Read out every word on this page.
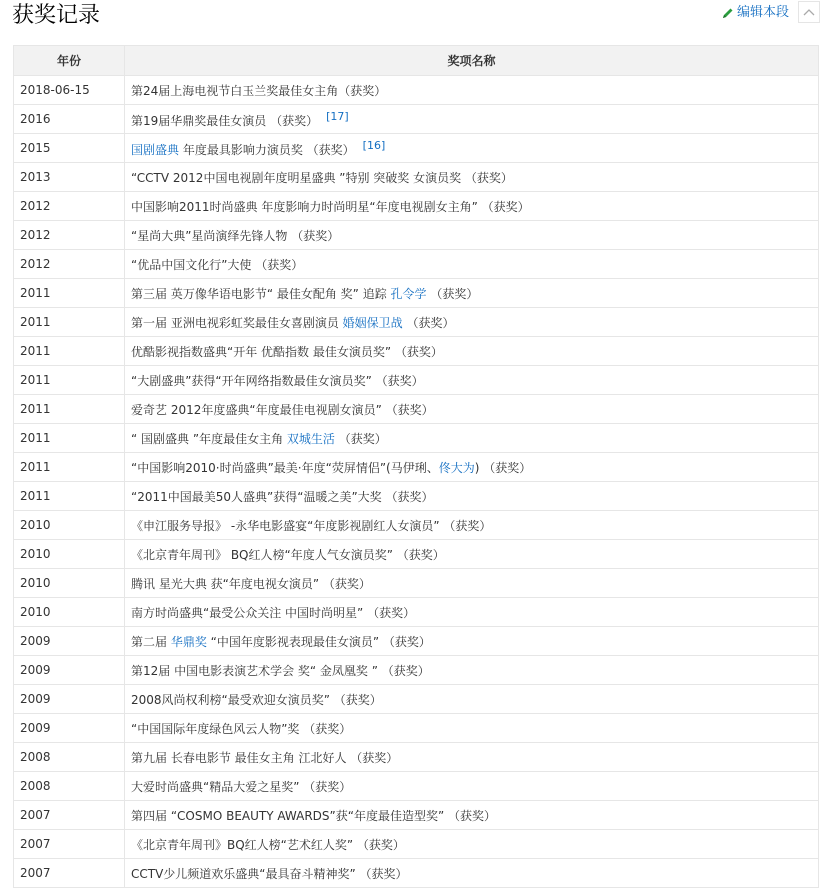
获奖记录	编辑本段
年份	奖项名称
2018-06-15	第24届上海电视节白玉兰奖最佳女主角（获奖）
2016	第19届华鼎奖最佳女演员 （获奖） [17]
2015	国剧盛典 年度最具影响力演员奖 （获奖） [16]
2013	“CCTV 2012中国电视剧年度明星盛典 ”特别 突破奖 女演员奖 （获奖）
2012	中国影响2011时尚盛典 年度影响力时尚明星“年度电视剧女主角” （获奖）
2012	“星尚大典”星尚演绎先锋人物 （获奖）
2012	“优品中国文化行”大使 （获奖）
2011	第三届 英万像华语电影节“ 最佳女配角 奖” 追踪 孔令学 （获奖）
2011	第一届 亚洲电视彩虹奖最佳女喜剧演员 婚姻保卫战 （获奖）
2011	优酷影视指数盛典“开年 优酷指数 最佳女演员奖” （获奖）
2011	“大剧盛典”获得“开年网络指数最佳女演员奖” （获奖）
2011	爱奇艺 2012年度盛典“年度最佳电视剧女演员” （获奖）
2011	“ 国剧盛典 ”年度最佳女主角 双城生活 （获奖）
2011	“中国影响2010·时尚盛典”最美·年度“荧屏情侣”(马伊琍、佟大为) （获奖）
2011	“2011中国最美50人盛典”获得“温暖之美”大奖 （获奖）
2010	《申江服务导报》 -永华电影盛宴“年度影视剧红人女演员” （获奖）
2010	《北京青年周刊》 BQ红人榜“年度人气女演员奖” （获奖）
2010	腾讯 星光大典 获“年度电视女演员” （获奖）
2010	南方时尚盛典“最受公众关注 中国时尚明星” （获奖）
2009	第二届 华鼎奖 “中国年度影视表现最佳女演员” （获奖）
2009	第12届 中国电影表演艺术学会 奖“ 金凤凰奖 ” （获奖）
2009	2008风尚权利榜“最受欢迎女演员奖” （获奖）
2009	“中国国际年度绿色风云人物”奖 （获奖）
2008	第九届 长春电影节 最佳女主角 江北好人 （获奖）
2008	大爱时尚盛典“精品大爱之星奖” （获奖）
2007	第四届 “COSMO BEAUTY AWARDS”获“年度最佳造型奖” （获奖）
2007	《北京青年周刊》BQ红人榜“艺术红人奖” （获奖）
2007	CCTV少儿频道欢乐盛典“最具奋斗精神奖” （获奖）
